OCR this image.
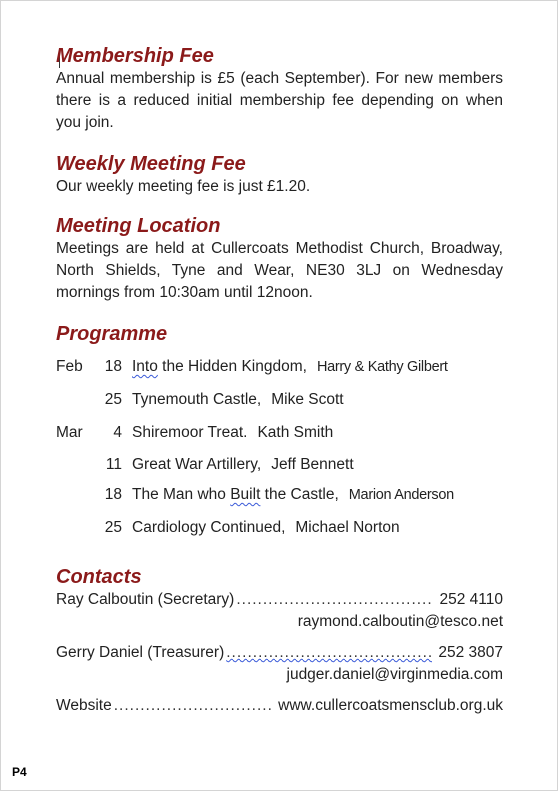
Membership Fee

Annual membership is £5 (each September). For new members there is a reduced initial membership fee depending on when you join.

Weekly Meeting Fee

Our weekly meeting fee is just £1.20.

Meeting Location

Meetings are held at Cullercoats Methodist Church, Broadway, North Shields, Tyne and Wear, NE30 3LJ on Wednesday mornings from 10:30am until 12noon.

Programme
Feb	18 Into the Hidden Kingdom, Harry & Kathy Gilbert
25 Tynemouth Castle, Mike Scott
Mar	4 Shiremoor Treat. Kath Smith
11 Great War Artillery, Jeff Bennett
18 The Man who Built the Castle, Marion Anderson
25 Cardiology Continued, Michael Norton
Contacts
Ray Calboutin (Secretary) .....	252 4110
raymond.calboutin@tesco.net
Gerry Daniel (Treasurer) .....	252 3807
judger.daniel@virginmedia.com
Website .....	www.cullercoatsmensclub.org.uk
P4
